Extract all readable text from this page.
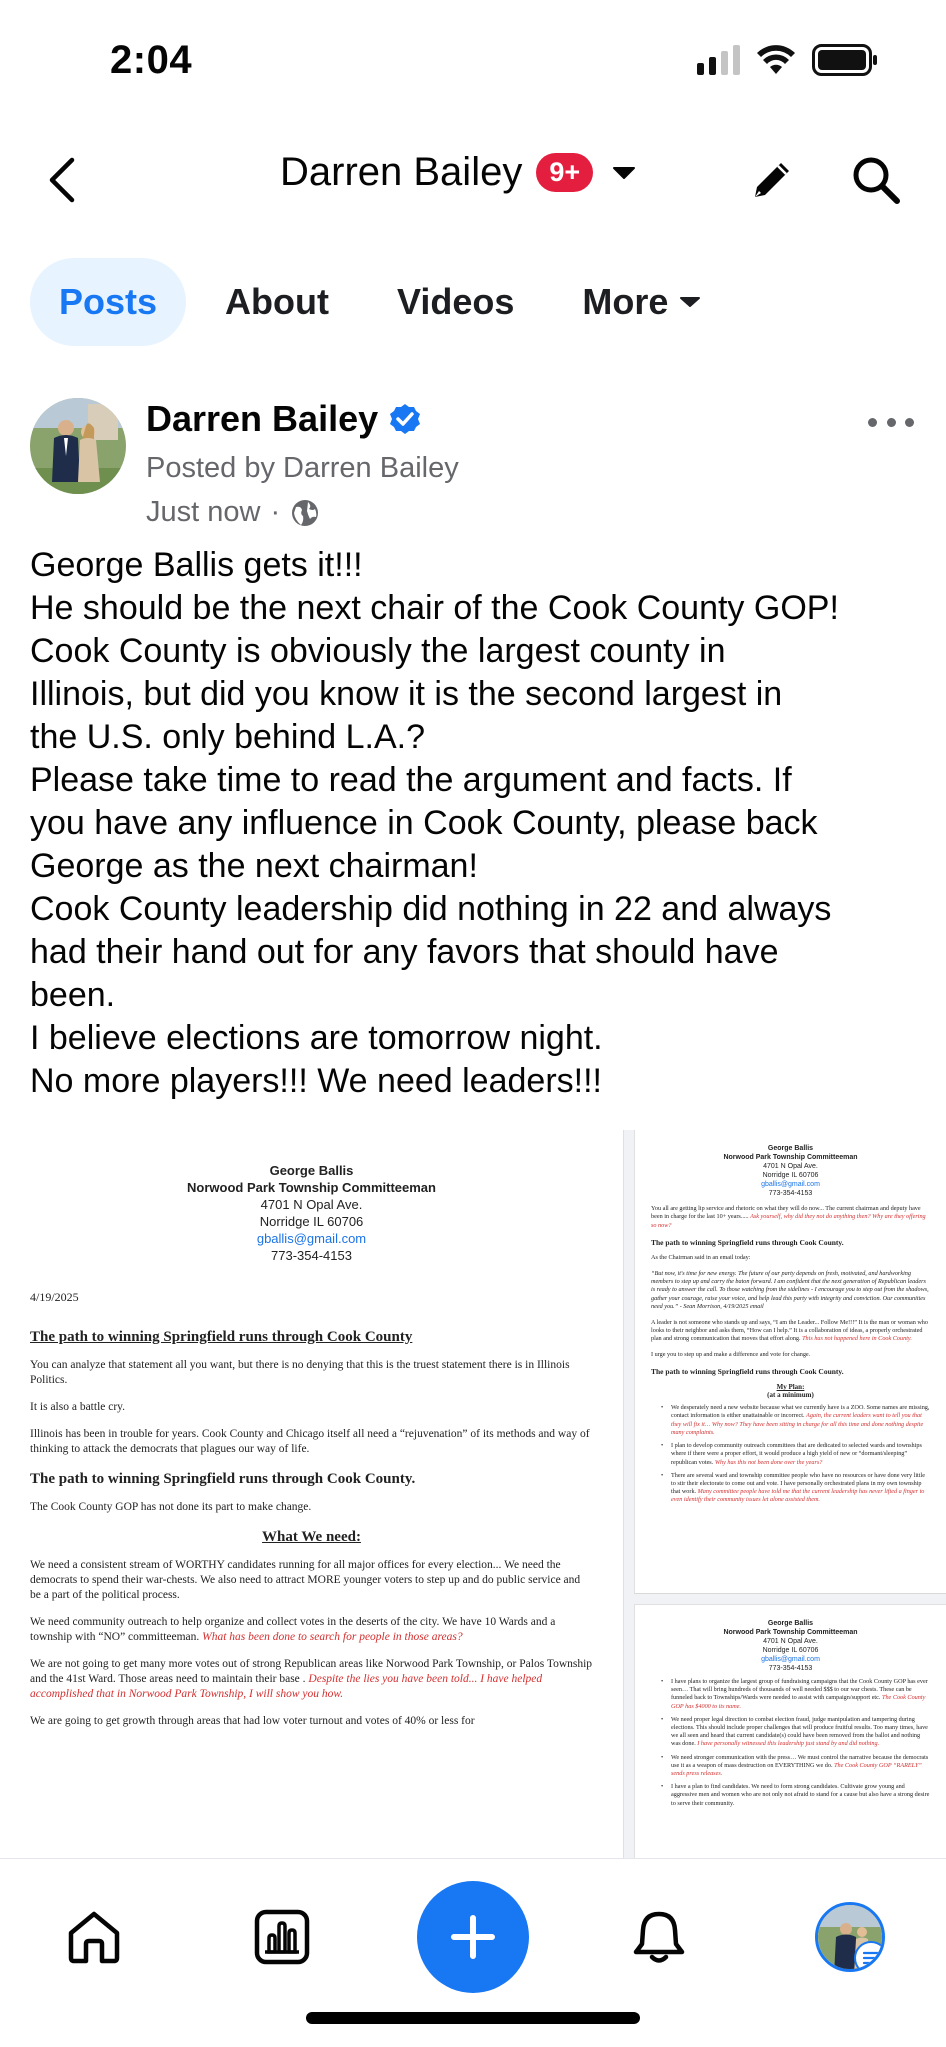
2:04
Darren Bailey	9+
Posts	About	Videos	More
Darren Bailey
Posted by Darren Bailey
Just now ·

George Ballis gets it!!!

He should be the next chair of the Cook County GOP!

Cook County is obviously the largest county in

Illinois, but did you know it is the second largest in

the U.S. only behind L.A.?

Please take time to read the argument and facts. If

you have any influence in Cook County, please back

George as the next chairman!

Cook County leadership did nothing in 22 and always

had their hand out for any favors that should have

been.

I believe elections are tomorrow night.

No more players!!! We need leaders!!!

George Ballis
Norwood Park Township Committeeman
4701 N Opal Ave.
Norridge IL 60706
gballis@gmail.com
773-354-4153
4/19/2025
The path to winning Springfield runs through Cook County
You can analyze that statement all you want, but there is no denying that this is the truest statement there is in Illinois Politics.
It is also a battle cry.
Illinois has been in trouble for years. Cook County and Chicago itself all need a “rejuvenation” of its methods and way of thinking to attack the democrats that plagues our way of life.
The path to winning Springfield runs through Cook County.
The Cook County GOP has not done its part to make change.
What We need:
We need a consistent stream of WORTHY candidates running for all major offices for every election... We need the democrats to spend their war-chests. We also need to attract MORE younger voters to step up and do public service and be a part of the political process.
We need community outreach to help organize and collect votes in the deserts of the city. We have 10 Wards and a township with “NO” committeeman. What has been done to search for people in those areas?
We are not going to get many more votes out of strong Republican areas like Norwood Park Township, or Palos Township and the 41st Ward. Those areas need to maintain their base . Despite the lies you have been told... I have helped accomplished that in Norwood Park Township, I will show you how.
We are going to get growth through areas that had low voter turnout and votes of 40% or less for
George Ballis
Norwood Park Township Committeeman
4701 N Opal Ave.
Norridge IL 60706
gballis@gmail.com
773-354-4153
You all are getting lip service and rhetoric on what they will do now... The current chairman and deputy have been in charge for the last 10+ years..... Ask yourself, why did they not do anything then? Why are they offering so now?
The path to winning Springfield runs through Cook County.
As the Chairman said in an email today:
“But now, it's time for new energy. The future of our party depends on fresh, motivated, and hardworking members to step up and carry the baton forward. I am confident that the next generation of Republican leaders is ready to answer the call. To those watching from the sidelines - I encourage you to step out from the shadows, gather your courage, raise your voice, and help lead this party with integrity and conviction. Our communities need you.” - Sean Morrison, 4/19/2025 email
A leader is not someone who stands up and says, “I am the Leader... Follow Me!!!” It is the man or woman who looks to their neighbor and asks them, “How can I help.” It is a collaboration of ideas, a properly orchestrated plan and strong communication that moves that effort along. This has not happened here in Cook County.
I urge you to step up and make a difference and vote for change.
The path to winning Springfield runs through Cook County.
My Plan:
(at a minimum)
• We desperately need a new website because what we currently have is a ZOO. Some names are missing, contact information is either unattainable or incorrect. Again, the current leaders want to tell you that they will fix it… Why now? They have been sitting in charge for all this time and done nothing despite many complaints.
• I plan to develop community outreach committees that are dedicated to selected wards and townships where if there were a proper effort, it would produce a high yield of new or “dormant/sleeping” republican votes. Why has this not been done over the years?
• There are several ward and township committee people who have no resources or have done very little to stir their electorate to come out and vote. I have personally orchestrated plans in my own township that work. Many committee people have told me that the current leadership has never lifted a finger to even identify their community issues let alone assisted them.
George Ballis
Norwood Park Township Committeeman
4701 N Opal Ave.
Norridge IL 60706
gballis@gmail.com
773-354-4153
• I have plans to organize the largest group of fundraising campaigns that the Cook County GOP has ever seen… That will bring hundreds of thousands of well needed $$$ to our war chests. These can be funneled back to Townships/Wards were needed to assist with campaign/support etc. The Cook County GOP has $4000 to its name.
• We need proper legal direction to combat election fraud, judge manipulation and tampering during elections. This should include proper challenges that will produce fruitful results. Too many times, have we all seen and heard that current candidate(s) could have been removed from the ballot and nothing was done. I have personally witnessed this leadership just stand by and did nothing.
• We need stronger communication with the press… We must control the narrative because the democrats use it as a weapon of mass destruction on EVERYTHING we do. The Cook County GOP “RARELY” sends press releases.
• I have a plan to find candidates. We need to form strong candidates. Cultivate grow young and aggressive men and women who are not only not afraid to stand for a cause but also have a strong desire to serve their community.
